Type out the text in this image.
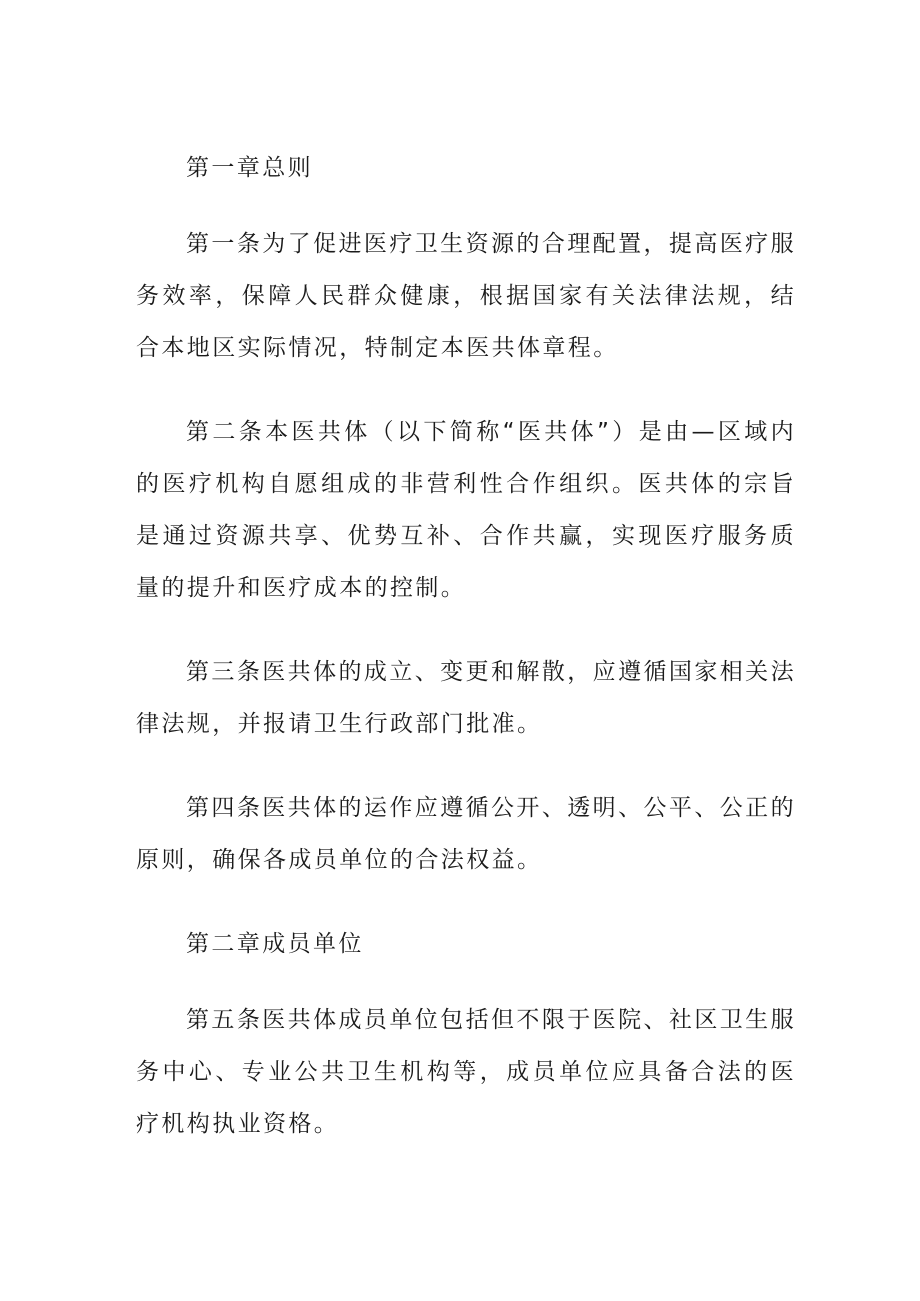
第一章总则

第一条为了促进医疗卫生资源的合理配置，提高医疗服务效率，保障人民群众健康，根据国家有关法律法规，结合本地区实际情况，特制定本医共体章程。

第二条本医共体（以下简称“医共体”）是由—区域内的医疗机构自愿组成的非营利性合作组织。医共体的宗旨是通过资源共享、优势互补、合作共赢，实现医疗服务质量的提升和医疗成本的控制。

第三条医共体的成立、变更和解散，应遵循国家相关法律法规，并报请卫生行政部门批准。

第四条医共体的运作应遵循公开、透明、公平、公正的原则，确保各成员单位的合法权益。

第二章成员单位

第五条医共体成员单位包括但不限于医院、社区卫生服务中心、专业公共卫生机构等，成员单位应具备合法的医疗机构执业资格。
